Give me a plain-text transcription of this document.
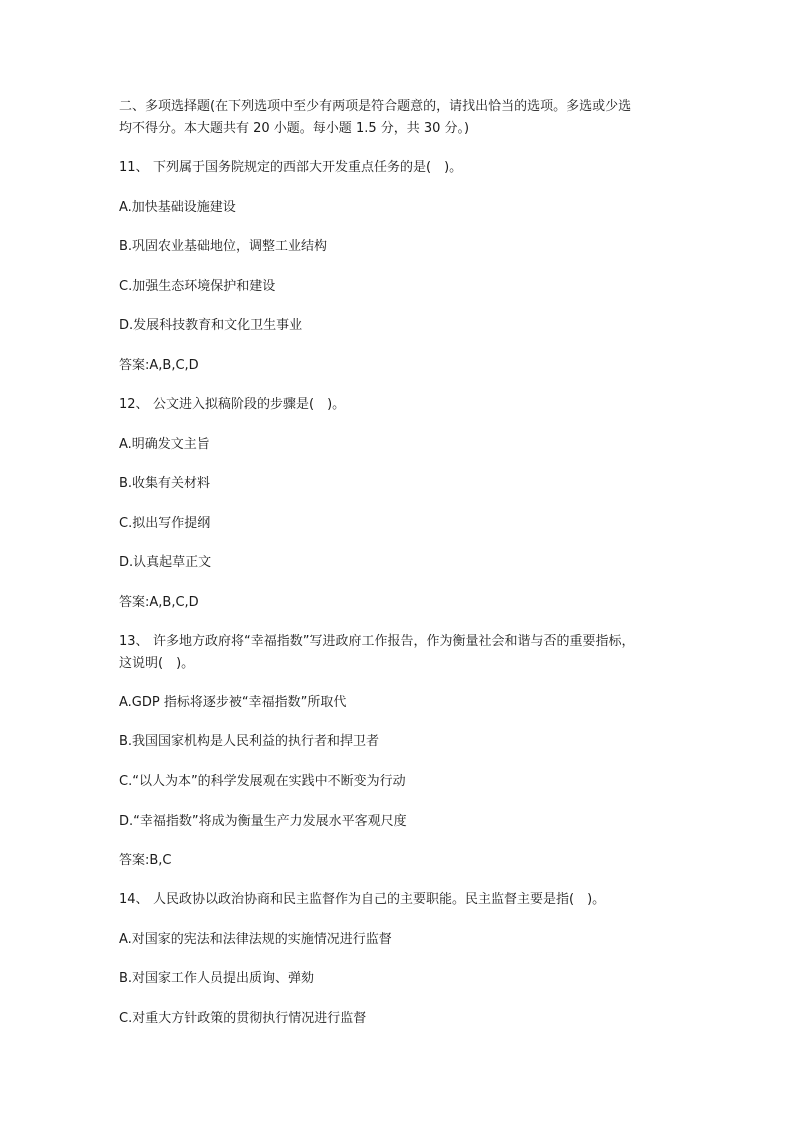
二、多项选择题(在下列选项中至少有两项是符合题意的，请找出恰当的选项。多选或少选
均不得分。本大题共有 20 小题。每小题 1.5 分，共 30 分。)
11、 下列属于国务院规定的西部大开发重点任务的是(　)。
A.加快基础设施建设
B.巩固农业基础地位，调整工业结构
C.加强生态环境保护和建设
D.发展科技教育和文化卫生事业
答案:A,B,C,D
12、 公文进入拟稿阶段的步骤是(　)。
A.明确发文主旨
B.收集有关材料
C.拟出写作提纲
D.认真起草正文
答案:A,B,C,D
13、 许多地方政府将“幸福指数”写进政府工作报告，作为衡量社会和谐与否的重要指标，
这说明(　)。
A.GDP 指标将逐步被“幸福指数”所取代
B.我国国家机构是人民利益的执行者和捍卫者
C.“以人为本”的科学发展观在实践中不断变为行动
D.“幸福指数”将成为衡量生产力发展水平客观尺度
答案:B,C
14、 人民政协以政治协商和民主监督作为自己的主要职能。民主监督主要是指(　)。
A.对国家的宪法和法律法规的实施情况进行监督
B.对国家工作人员提出质询、弹劾
C.对重大方针政策的贯彻执行情况进行监督
